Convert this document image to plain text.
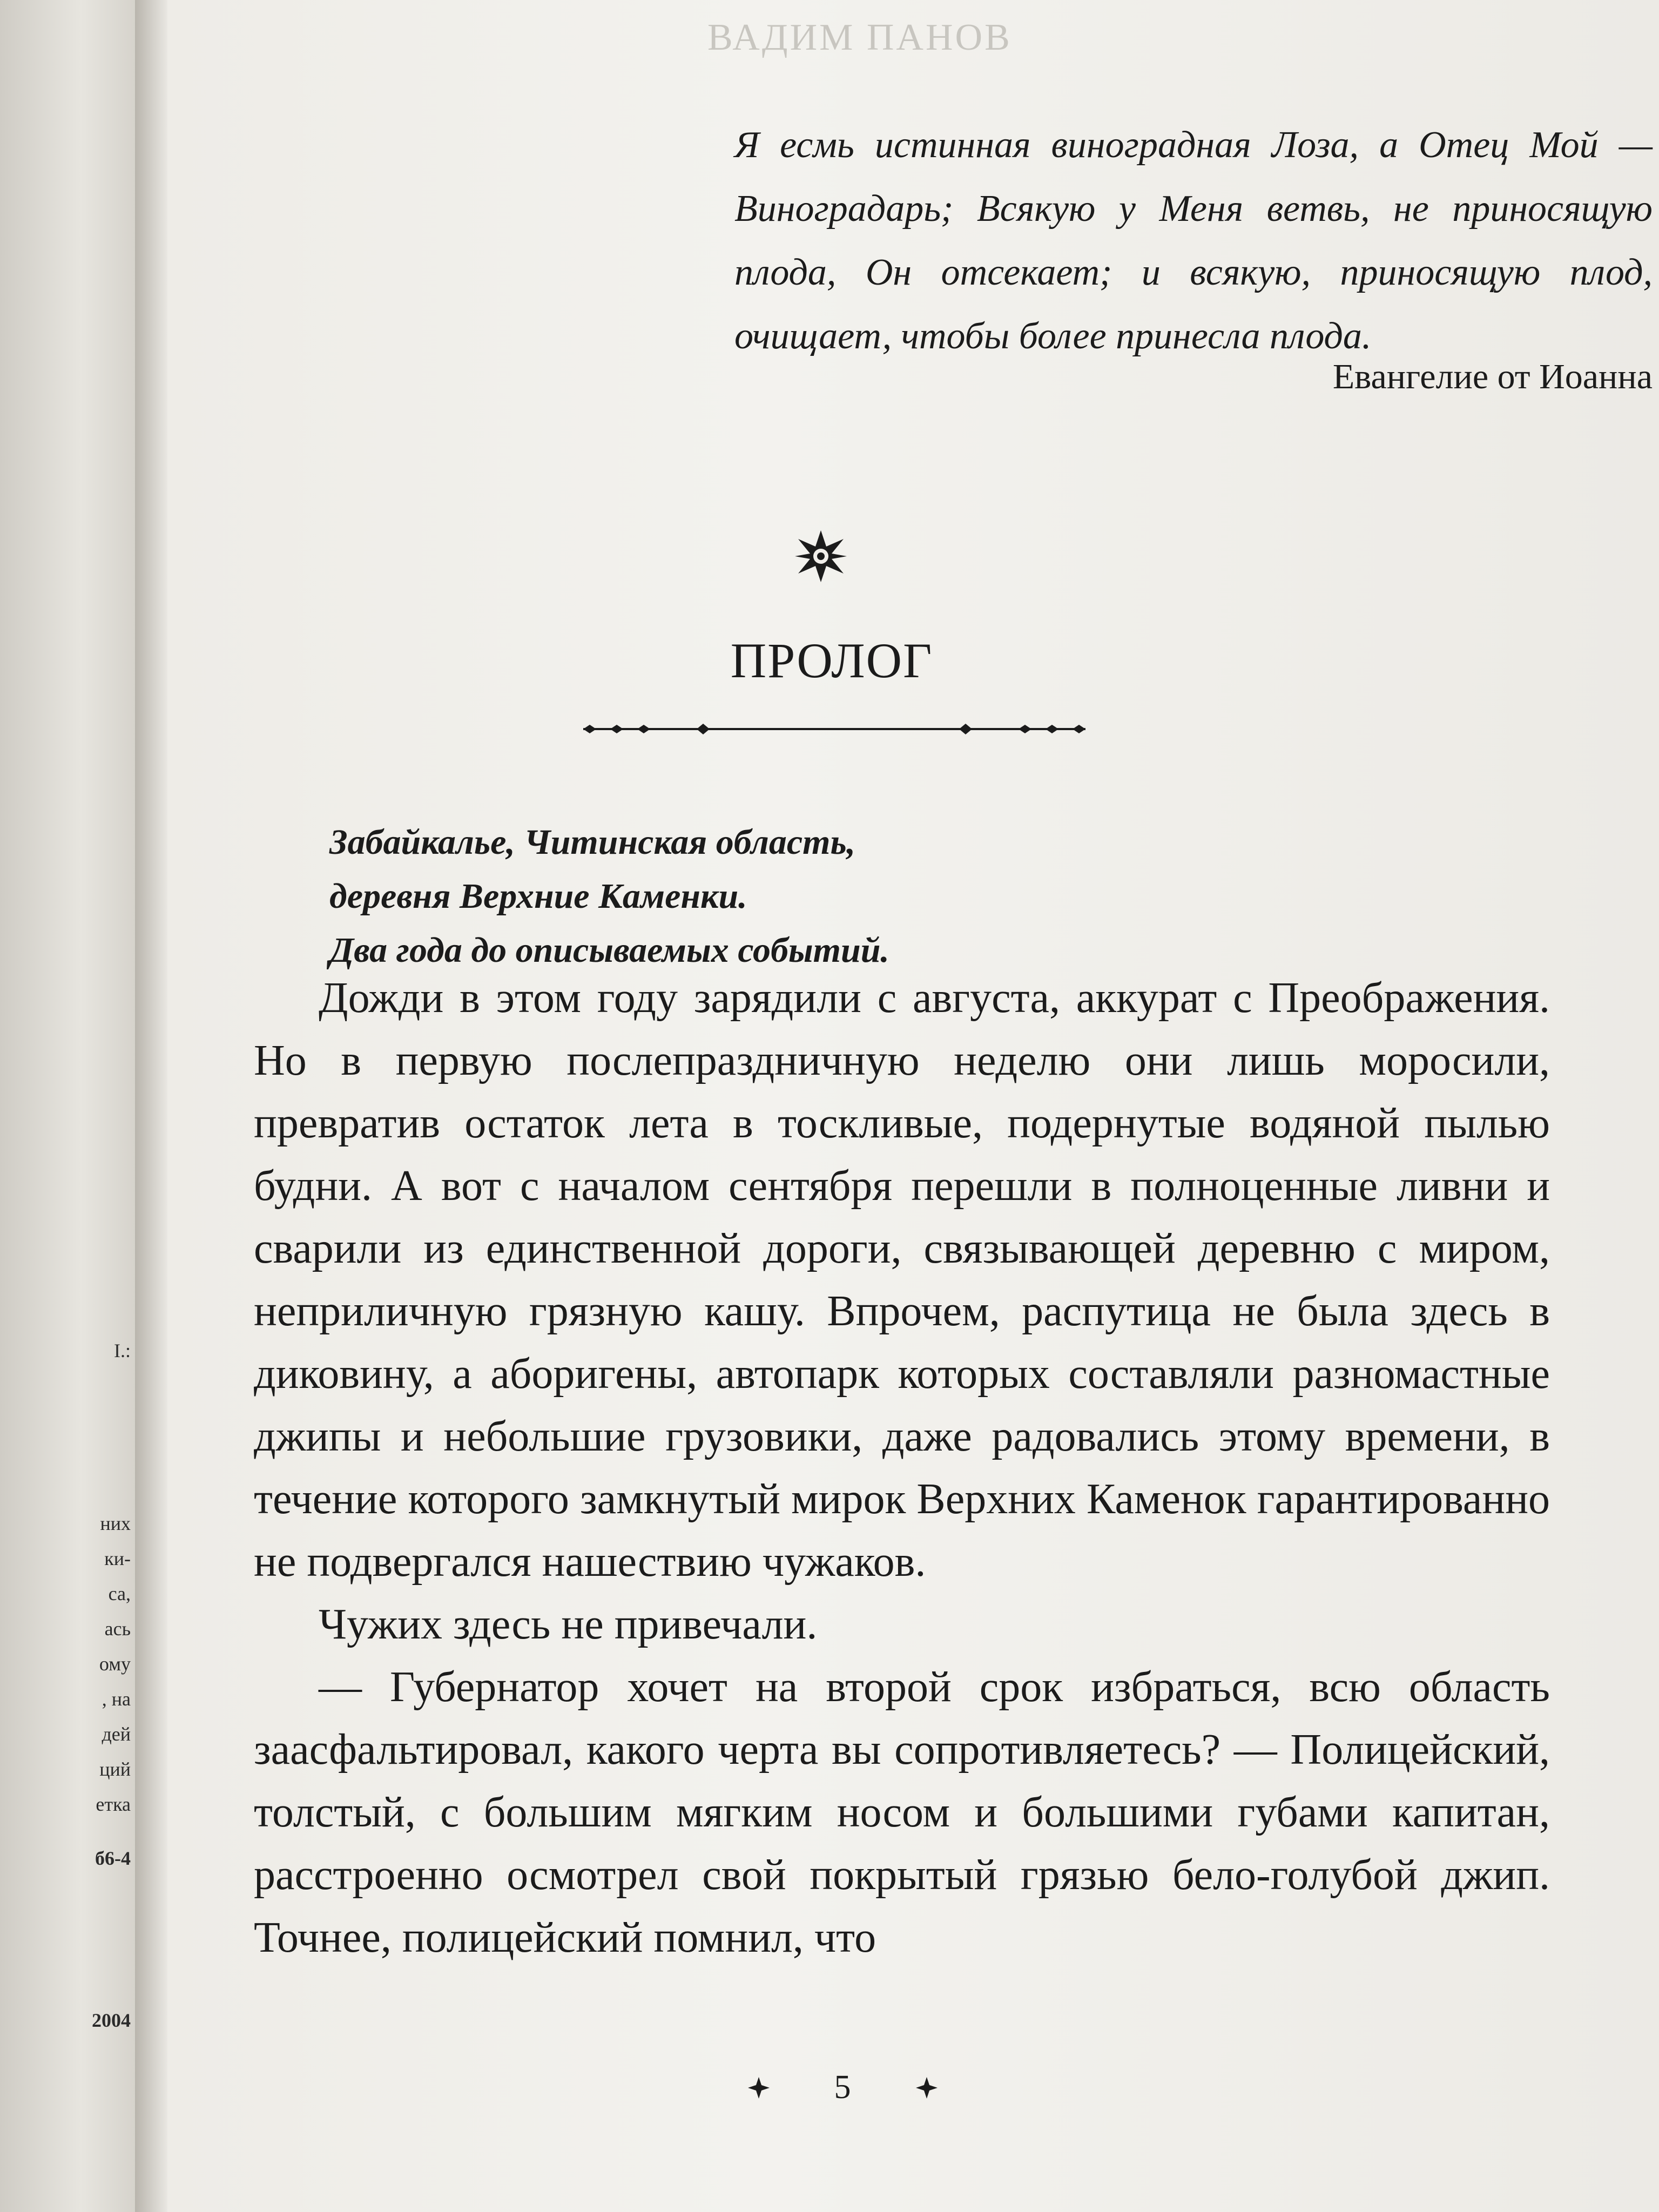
I.:
них
ки-
са,
ась
ому
, на
дей
ций
етка
б6-4
2004
ВАДИМ ПАНОВ
Я есмь истинная виноградная Лоза, а Отец Мой — Виноградарь; Всякую у Меня ветвь, не приносящую плода, Он отсекает; и всякую, приносящую плод, очищает, чтобы более принесла плода.
Евангелие от Иоанна
ПРОЛОГ
Забайкалье, Читинская область,
деревня Верхние Каменки.
Два года до описываемых событий.

Дожди в этом году зарядили с августа, аккурат с Преображения. Но в первую послепраздничную неделю они лишь моросили, превратив остаток лета в тоскливые, подернутые водяной пылью будни. А вот с началом сентября перешли в полноценные ливни и сварили из единственной дороги, связывающей деревню с миром, неприличную грязную кашу. Впрочем, распутица не была здесь в диковину, а аборигены, автопарк которых составляли разномастные джипы и небольшие грузовики, даже радовались этому времени, в течение которого замкнутый мирок Верхних Каменок гарантированно не подвергался нашествию чужаков.

Чужих здесь не привечали.

— Губернатор хочет на второй срок избраться, всю область заасфальтировал, какого черта вы сопротивляетесь? — Полицейский, толстый, с большим мягким носом и большими губами капитан, расстроенно осмотрел свой покрытый грязью бело-голубой джип. Точнее, полицейский помнил, что

5
